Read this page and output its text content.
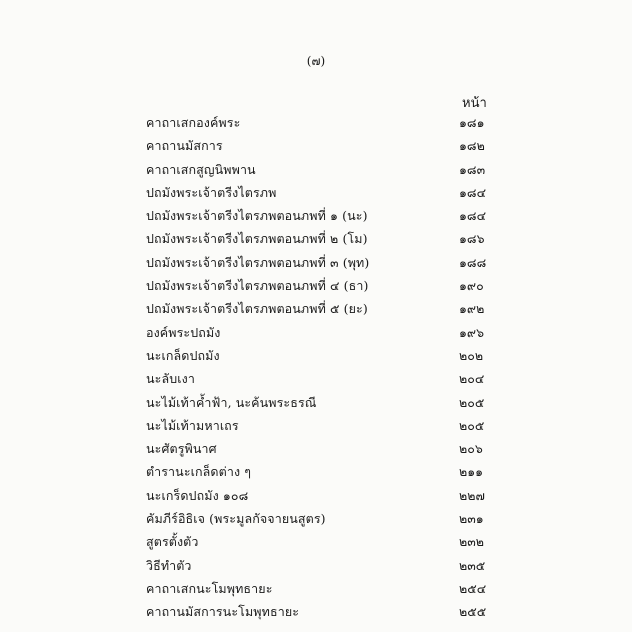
(๗)
หน้า
คาถาเสกองค์พระ	๑๘๑
คาถานมัสการ	๑๘๒
คาถาเสกสูญนิพพาน	๑๘๓
ปถมังพระเจ้าตรีงไตรภพ	๑๘๔
ปถมังพระเจ้าตรีงไตรภพตอนภพที่ ๑ (นะ)	๑๘๔
ปถมังพระเจ้าตรีงไตรภพตอนภพที่ ๒ (โม)	๑๘๖
ปถมังพระเจ้าตรีงไตรภพตอนภพที่ ๓ (พุท)	๑๘๘
ปถมังพระเจ้าตรีงไตรภพตอนภพที่ ๔ (ธา)	๑๙๐
ปถมังพระเจ้าตรีงไตรภพตอนภพที่ ๕ (ยะ)	๑๙๒
องค์พระปถมัง	๑๙๖
นะเกล็ดปถมัง	๒๐๒
นะลับเงา	๒๐๔
นะไม้เท้าค้ำฟ้า, นะค้นพระธรณี	๒๐๕
นะไม้เท้ามหาเถร	๒๐๕
นะศัตรูพินาศ	๒๐๖
ตำรานะเกล็ดต่าง ๆ	๒๑๑
นะเกร็ดปถมัง ๑๐๘	๒๒๗
คัมภีร์อิธิเจ (พระมูลกัจจายนสูตร)	๒๓๑
สูตรตั้งตัว	๒๓๒
วิธีทำตัว	๒๓๕
คาถาเสกนะโมพุทธายะ	๒๕๔
คาถานมัสการนะโมพุทธายะ	๒๕๕
